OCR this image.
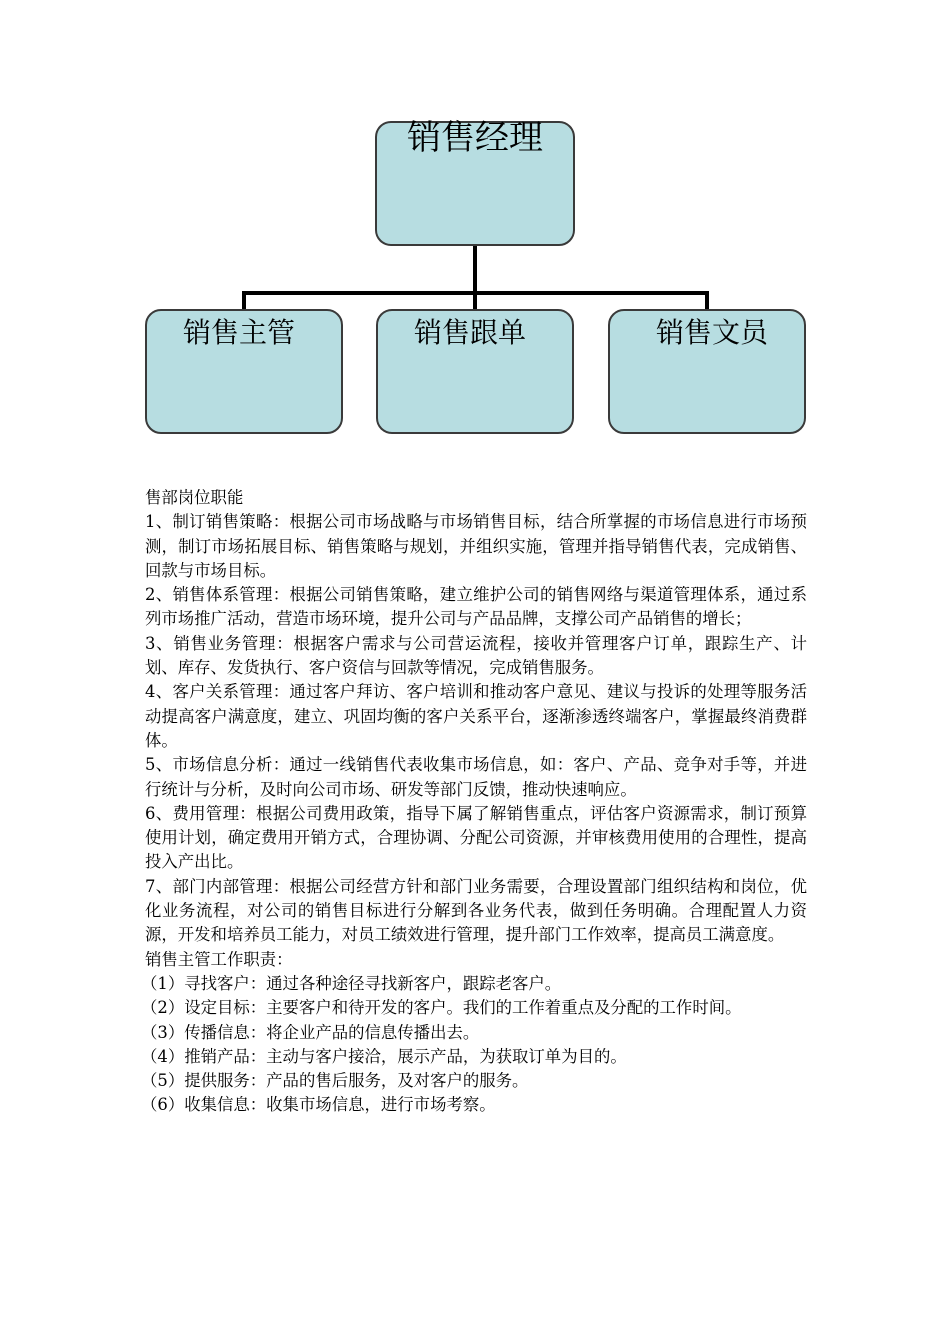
销售经理
销售主管	销售跟单	销售文员

售部岗位职能

1、制订销售策略：根据公司市场战略与市场销售目标，结合所掌握的市场信息进行市场预测，制订市场拓展目标、销售策略与规划，并组织实施，管理并指导销售代表，完成销售、回款与市场目标。

2、销售体系管理：根据公司销售策略，建立维护公司的销售网络与渠道管理体系，通过系列市场推广活动，营造市场环境，提升公司与产品品牌，支撑公司产品销售的增长；

3、销售业务管理：根据客户需求与公司营运流程，接收并管理客户订单，跟踪生产、计划、库存、发货执行、客户资信与回款等情况，完成销售服务。

4、客户关系管理：通过客户拜访、客户培训和推动客户意见、建议与投诉的处理等服务活动提高客户满意度，建立、巩固均衡的客户关系平台，逐渐渗透终端客户，掌握最终消费群体。

5、市场信息分析：通过一线销售代表收集市场信息，如：客户、产品、竞争对手等，并进行统计与分析，及时向公司市场、研发等部门反馈，推动快速响应。

6、费用管理：根据公司费用政策，指导下属了解销售重点，评估客户资源需求，制订预算使用计划，确定费用开销方式，合理协调、分配公司资源，并审核费用使用的合理性，提高投入产出比。

7、部门内部管理：根据公司经营方针和部门业务需要，合理设置部门组织结构和岗位，优化业务流程，对公司的销售目标进行分解到各业务代表，做到任务明确。合理配置人力资源，开发和培养员工能力，对员工绩效进行管理，提升部门工作效率，提高员工满意度。

销售主管工作职责：

（1）寻找客户：通过各种途径寻找新客户，跟踪老客户。

（2）设定目标：主要客户和待开发的客户。我们的工作着重点及分配的工作时间。

（3）传播信息：将企业产品的信息传播出去。

（4）推销产品：主动与客户接洽，展示产品，为获取订单为目的。

（5）提供服务：产品的售后服务，及对客户的服务。

（6）收集信息：收集市场信息，进行市场考察。
